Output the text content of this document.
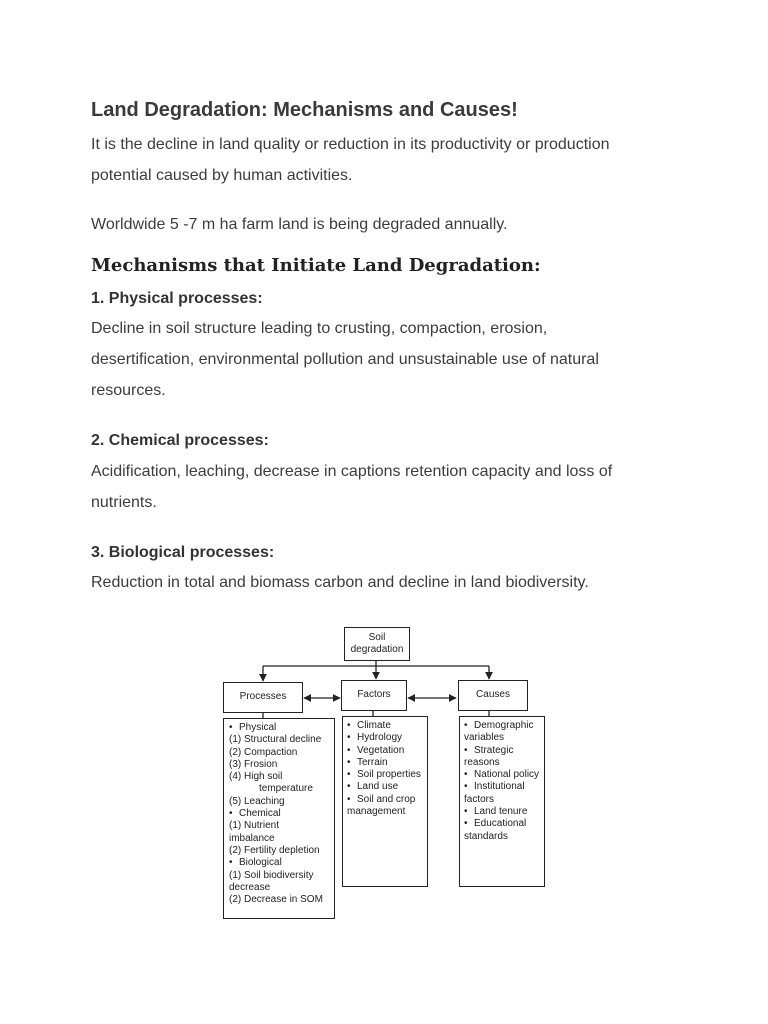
Land Degradation: Mechanisms and Causes!

It is the decline in land quality or reduction in its productivity or production
potential caused by human activities.

Worldwide 5 -7 m ha farm land is being degraded annually.

Mechanisms that Initiate Land Degradation:
1. Physical processes:

Decline in soil structure leading to crusting, compaction, erosion,
desertification, environmental pollution and unsustainable use of natural
resources.

2. Chemical processes:

Acidification, leaching, decrease in captions retention capacity and loss of
nutrients.

3. Biological processes:

Reduction in total and biomass carbon and decline in land biodiversity.

Soil
degradation
Processes	Factors	Causes
• Physical
(1) Structural decline
(2) Compaction
(3) Frosion
(4) High soil
temperature
(5) Leaching
• Chemical
(1) Nutrient
imbalance
(2) Fertility depletion
• Biological
(1) Soil biodiversity
decrease
(2) Decrease in SOM
• Climate
• Hydrology
• Vegetation
• Terrain
• Soil properties
• Land use
• Soil and crop
management
• Demographic
variables
• Strategic
reasons
• National policy
• Institutional
factors
• Land tenure
• Educational
standards
